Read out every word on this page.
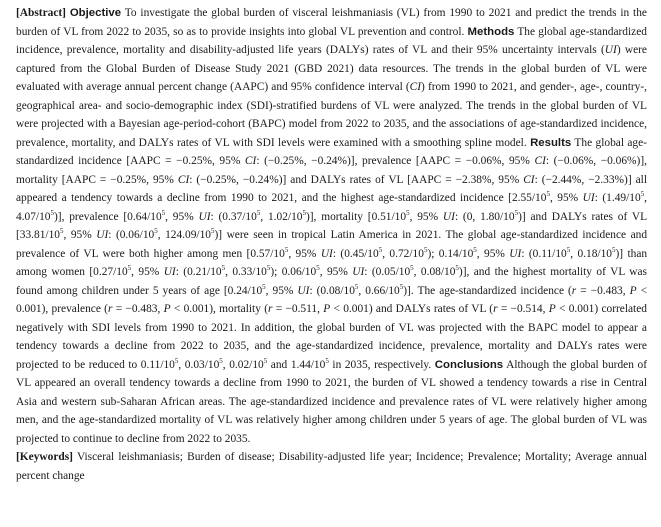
[Abstract] Objective To investigate the global burden of visceral leishmaniasis (VL) from 1990 to 2021 and predict the trends in the burden of VL from 2022 to 2035, so as to provide insights into global VL prevention and control. Methods The global age-standardized incidence, prevalence, mortality and disability-adjusted life years (DALYs) rates of VL and their 95% uncertainty intervals (UI) were captured from the Global Burden of Disease Study 2021 (GBD 2021) data resources. The trends in the global burden of VL were evaluated with average annual percent change (AAPC) and 95% confidence interval (CI) from 1990 to 2021, and gender-, age-, country-, geographical area- and socio-demographic index (SDI)-stratified burdens of VL were analyzed. The trends in the global burden of VL were projected with a Bayesian age-period-cohort (BAPC) model from 2022 to 2035, and the associations of age-standardized incidence, prevalence, mortality, and DALYs rates of VL with SDI levels were examined with a smoothing spline model. Results The global age-standardized incidence [AAPC = −0.25%, 95% CI: (−0.25%, −0.24%)], prevalence [AAPC = −0.06%, 95% CI: (−0.06%, −0.06%)], mortality [AAPC = −0.25%, 95% CI: (−0.25%, −0.24%)] and DALYs rates of VL [AAPC = −2.38%, 95% CI: (−2.44%, −2.33%)] all appeared a tendency towards a decline from 1990 to 2021, and the highest age-standardized incidence [$2.55/10^5$, 95% UI: ($1.49/10^5$, $4.07/10^5$)], prevalence [$0.64/10^5$, 95% UI: ($0.37/10^5$, $1.02/10^5$)], mortality [$0.51/10^5$, 95% UI: (0, $1.80/10^5$)] and DALYs rates of VL [$33.81/10^5$, 95% UI: ($0.06/10^5$, $124.09/10^5$)] were seen in tropical Latin America in 2021. The global age-standardized incidence and prevalence of VL were both higher among men [$0.57/10^5$, 95% UI: ($0.45/10^5$, $0.72/10^5$); $0.14/10^5$, 95% UI: ($0.11/10^5$, $0.18/10^5$)] than among women [$0.27/10^5$, 95% UI: ($0.21/10^5$, $0.33/10^5$); $0.06/10^5$, 95% UI: ($0.05/10^5$, $0.08/10^5$)], and the highest mortality of VL was found among children under 5 years of age [$0.24/10^5$, 95% UI: ($0.08/10^5$, $0.66/10^5$)]. The age-standardized incidence (r = −0.483, P < 0.001), prevalence (r = −0.483, P < 0.001), mortality (r = −0.511, P < 0.001) and DALYs rates of VL (r = −0.514, P < 0.001) correlated negatively with SDI levels from 1990 to 2021. In addition, the global burden of VL was projected with the BAPC model to appear a tendency towards a decline from 2022 to 2035, and the age-standardized incidence, prevalence, mortality and DALYs rates were projected to be reduced to $0.11/10^5$, $0.03/10^5$, $0.02/10^5$ and $1.44/10^5$ in 2035, respectively. Conclusions Although the global burden of VL appeared an overall tendency towards a decline from 1990 to 2021, the burden of VL showed a tendency towards a rise in Central Asia and western sub-Saharan African areas. The age-standardized incidence and prevalence rates of VL were relatively higher among men, and the age-standardized mortality of VL was relatively higher among children under 5 years of age. The global burden of VL was projected to continue to decline from 2022 to 2035.

[Keywords] Visceral leishmaniasis; Burden of disease; Disability-adjusted life year; Incidence; Prevalence; Mortality; Average annual percent change
